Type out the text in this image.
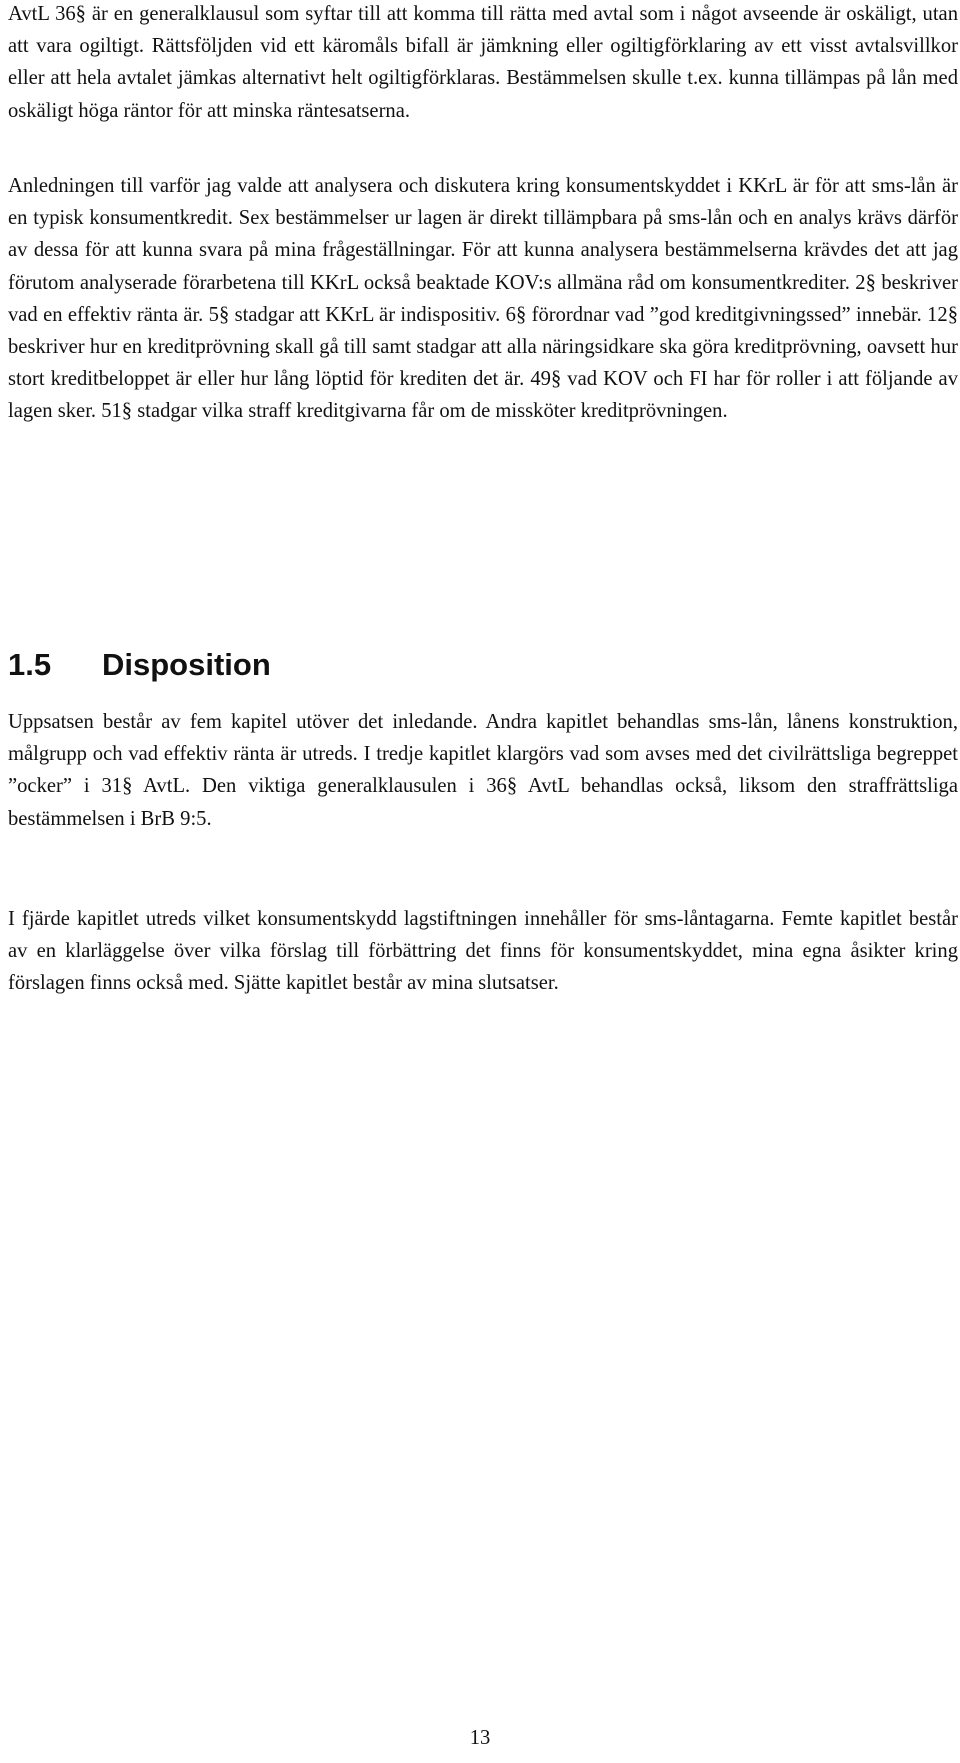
AvtL 36§ är en generalklausul som syftar till att komma till rätta med avtal som i något avseende är oskäligt, utan att vara ogiltigt. Rättsföljden vid ett käromåls bifall är jämkning eller ogiltigförklaring av ett visst avtalsvillkor eller att hela avtalet jämkas alternativt helt ogiltigförklaras. Bestämmelsen skulle t.ex. kunna tillämpas på lån med oskäligt höga räntor för att minska räntesatserna.

Anledningen till varför jag valde att analysera och diskutera kring konsumentskyddet i KKrL är för att sms-lån är en typisk konsumentkredit. Sex bestämmelser ur lagen är direkt tillämpbara på sms-lån och en analys krävs därför av dessa för att kunna svara på mina frågeställningar. För att kunna analysera bestämmelserna krävdes det att jag förutom analyserade förarbetena till KKrL också beaktade KOV:s allmäna råd om konsumentkrediter. 2§ beskriver vad en effektiv ränta är. 5§ stadgar att KKrL är indispositiv. 6§ förordnar vad ”god kreditgivningssed” innebär. 12§ beskriver hur en kreditprövning skall gå till samt stadgar att alla näringsidkare ska göra kreditprövning, oavsett hur stort kreditbeloppet är eller hur lång löptid för krediten det är. 49§ vad KOV och FI har för roller i att följande av lagen sker. 51§ stadgar vilka straff kreditgivarna får om de missköter kreditprövningen.

1.5 Disposition

Uppsatsen består av fem kapitel utöver det inledande. Andra kapitlet behandlas sms-lån, lånens konstruktion, målgrupp och vad effektiv ränta är utreds. I tredje kapitlet klargörs vad som avses med det civilrättsliga begreppet ”ocker” i 31§ AvtL. Den viktiga generalklausulen i 36§ AvtL behandlas också, liksom den straffrättsliga bestämmelsen i BrB 9:5.

I fjärde kapitlet utreds vilket konsumentskydd lagstiftningen innehåller för sms-låntagarna. Femte kapitlet består av en klarläggelse över vilka förslag till förbättring det finns för konsumentskyddet, mina egna åsikter kring förslagen finns också med. Sjätte kapitlet består av mina slutsatser.

13
